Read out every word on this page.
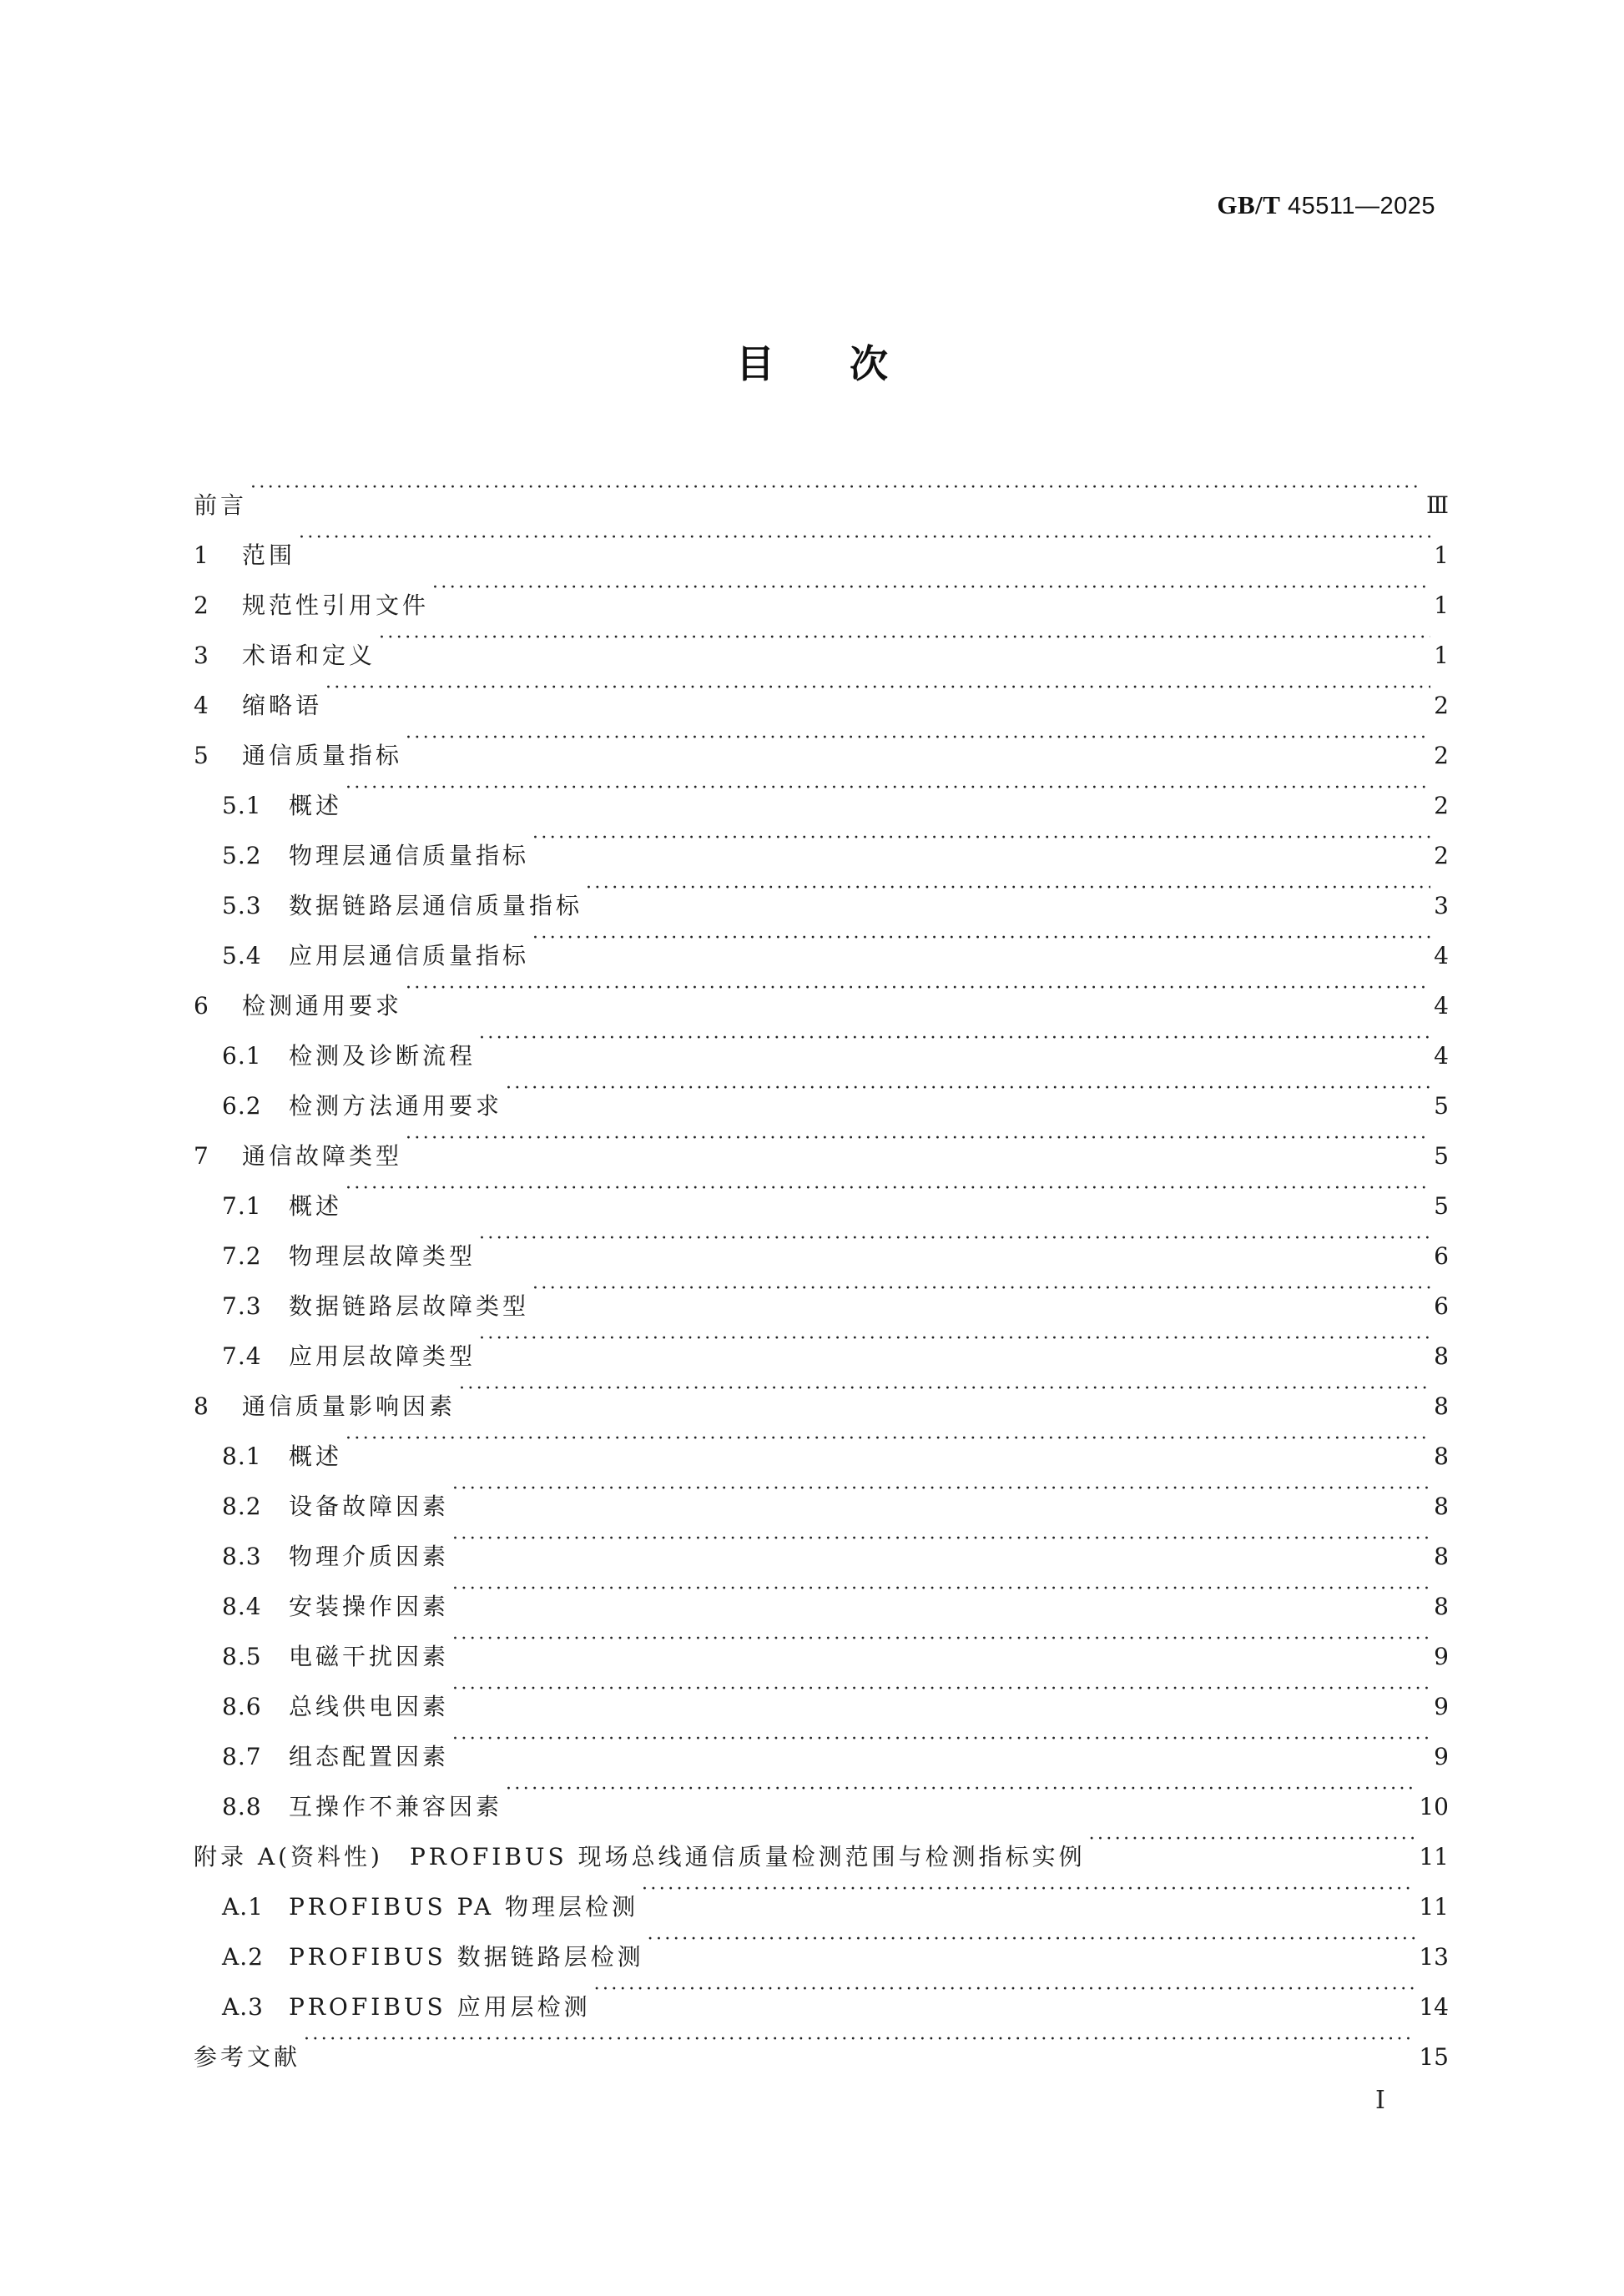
GB/T 45511—2025
目次
前言 ·····	Ⅲ
1	范围 ·····	1
2	规范性引用文件 ·····	1
3	术语和定义 ·····	1
4	缩略语 ·····	2
5	通信质量指标 ·····	2
5.1	概述 ·····	2
5.2	物理层通信质量指标 ·····	2
5.3	数据链路层通信质量指标 ·····	3
5.4	应用层通信质量指标 ·····	4
6	检测通用要求 ·····	4
6.1	检测及诊断流程 ·····	4
6.2	检测方法通用要求 ·····	5
7	通信故障类型 ·····	5
7.1	概述 ·····	5
7.2	物理层故障类型 ·····	6
7.3	数据链路层故障类型 ·····	6
7.4	应用层故障类型 ·····	8
8	通信质量影响因素 ·····	8
8.1	概述 ·····	8
8.2	设备故障因素 ·····	8
8.3	物理介质因素 ·····	8
8.4	安装操作因素 ·····	8
8.5	电磁干扰因素 ·····	9
8.6	总线供电因素 ·····	9
8.7	组态配置因素 ·····	9
8.8	互操作不兼容因素 ·····	10
附录 A(资料性)　PROFIBUS 现场总线通信质量检测范围与检测指标实例 ·····	11
A.1	PROFIBUS PA 物理层检测 ·····	11
A.2	PROFIBUS 数据链路层检测 ·····	13
A.3	PROFIBUS 应用层检测 ·····	14
参考文献 ·····	15
Ⅰ
